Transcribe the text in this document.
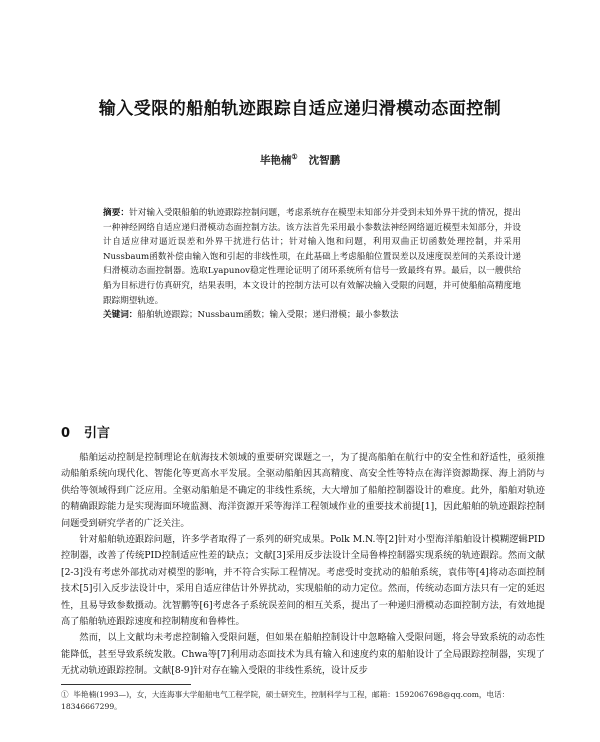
输入受限的船舶轨迹跟踪自适应递归滑模动态面控制
毕艳楠① 沈智鹏
摘要：针对输入受限船舶的轨迹跟踪控制问题，考虑系统存在模型未知部分并受到未知外界干扰的情况，提出一种神经网络自适应递归滑模动态面控制方法。该方法首先采用最小参数法神经网络逼近模型未知部分，并设计自适应律对逼近误差和外界干扰进行估计；针对输入饱和问题，利用双曲正切函数处理控制，并采用Nussbaum函数补偿由输入饱和引起的非线性项，在此基础上考虑船舶位置误差以及速度误差间的关系设计递归滑模动态面控制器。选取Lyapunov稳定性理论证明了闭环系统所有信号一致最终有界。最后，以一艘供给船为目标进行仿真研究，结果表明，本文设计的控制方法可以有效解决输入受限的问题，并可使船舶高精度地跟踪期望轨迹。
关键词：船舶轨迹跟踪；Nussbaum函数；输入受限；递归滑模；最小参数法
0 引言

船舶运动控制是控制理论在航海技术领域的重要研究课题之一，为了提高船舶在航行中的安全性和舒适性，亟须推动船舶系统向现代化、智能化等更高水平发展。全驱动船舶因其高精度、高安全性等特点在海洋资源勘探、海上消防与供给等领域得到广泛应用。全驱动船舶是不确定的非线性系统，大大增加了船舶控制器设计的难度。此外，船舶对轨迹的精确跟踪能力是实现海面环境监测、海洋资源开采等海洋工程领域作业的重要技术前提[1]，因此船舶的轨迹跟踪控制问题受到研究学者的广泛关注。

针对船舶轨迹跟踪问题，许多学者取得了一系列的研究成果。Polk M.N.等[2]针对小型海洋船舶设计模糊逻辑PID控制器，改善了传统PID控制适应性差的缺点；文献[3]采用反步法设计全局鲁棒控制器实现系统的轨迹跟踪。然而文献[2-3]没有考虑外部扰动对模型的影响，并不符合实际工程情况。考虑受时变扰动的船舶系统，袁伟等[4]将动态面控制技术[5]引入反步法设计中，采用自适应律估计外界扰动，实现船舶的动力定位。然而，传统动态面方法只有一定的延迟性，且易导致参数摄动。沈智鹏等[6]考虑各子系统误差间的相互关系，提出了一种递归滑模动态面控制方法，有效地提高了船舶轨迹跟踪速度和控制精度和鲁棒性。

然而，以上文献均未考虑控制输入受限问题，但如果在船舶控制设计中忽略输入受限问题，将会导致系统的动态性能降低，甚至导致系统发散。Chwa等[7]利用动态面技术为具有输入和速度约束的船舶设计了全局跟踪控制器，实现了无扰动轨迹跟踪控制。文献[8-9]针对存在输入受限的非线性系统，设计反步

① 毕艳楠(1993—)，女，大连海事大学船舶电气工程学院，硕士研究生，控制科学与工程，邮箱：1592067698@qq.com，电话：18346667299。
